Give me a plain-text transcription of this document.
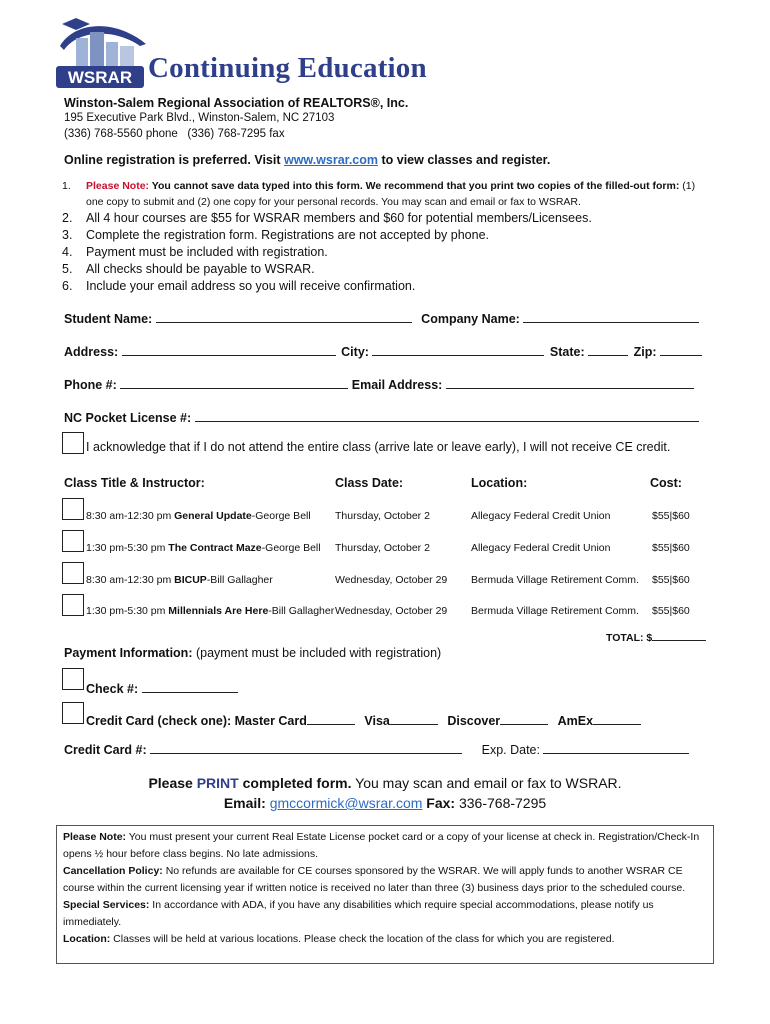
WSRAR Continuing Education
Winston-Salem Regional Association of REALTORS®, Inc.
195 Executive Park Blvd., Winston-Salem, NC 27103
(336) 768-5560 phone   (336) 768-7295 fax
Online registration is preferred. Visit www.wsrar.com to view classes and register.
1. Please Note: You cannot save data typed into this form. We recommend that you print two copies of the filled-out form: (1) one copy to submit and (2) one copy for your personal records. You may scan and email or fax to WSRAR.
2. All 4 hour courses are $55 for WSRAR members and $60 for potential members/Licensees.
3. Complete the registration form. Registrations are not accepted by phone.
4. Payment must be included with registration.
5. All checks should be payable to WSRAR.
6. Include your email address so you will receive confirmation.
Student Name:	Company Name:
Address:	City:	State:	Zip:
Phone #:	Email Address:
NC Pocket License #:
I acknowledge that if I do not attend the entire class (arrive late or leave early), I will not receive CE credit.
Class Title & Instructor:	Class Date:	Location:	Cost:
8:30 am-12:30 pm General Update-George Bell Thursday, October 2	Allegacy Federal Credit Union	$55|$60
1:30 pm-5:30 pm The Contract Maze-George Bell Thursday, October 2	Allegacy Federal Credit Union	$55|$60
8:30 am-12:30 pm BICUP-Bill Gallagher	Wednesday, October 29 Bermuda Village Retirement Comm. $55|$60
1:30 pm-5:30 pm Millennials Are Here-Bill Gallagher Wednesday, October 29 Bermuda Village Retirement Comm. $55|$60
TOTAL: $
Payment Information: (payment must be included with registration)
Check #:
Credit Card (check one): Master Card	Visa	Discover	AmEx
Credit Card #:	Exp. Date:
Please PRINT completed form. You may scan and email or fax to WSRAR.
Email: gmccormick@wsrar.com Fax: 336-768-7295

Please Note: You must present your current Real Estate License pocket card or a copy of your license at check in. Registration/Check-In opens ½ hour before class begins. No late admissions.

Cancellation Policy: No refunds are available for CE courses sponsored by the WSRAR. We will apply funds to another WSRAR CE course within the current licensing year if written notice is received no later than three (3) business days prior to the scheduled course.

Special Services: In accordance with ADA, if you have any disabilities which require special accommodations, please notify us immediately.

Location: Classes will be held at various locations. Please check the location of the class for which you are registered.
